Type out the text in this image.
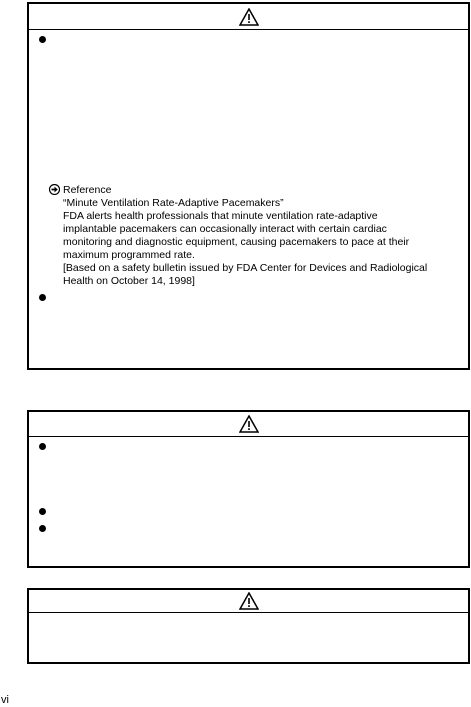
Reference
“Minute Ventilation Rate-Adaptive Pacemakers”
FDA alerts health professionals that minute ventilation rate-adaptive
implantable pacemakers can occasionally interact with certain cardiac
monitoring and diagnostic equipment, causing pacemakers to pace at their
maximum programmed rate.
[Based on a safety bulletin issued by FDA Center for Devices and Radiological
Health on October 14, 1998]
vi
